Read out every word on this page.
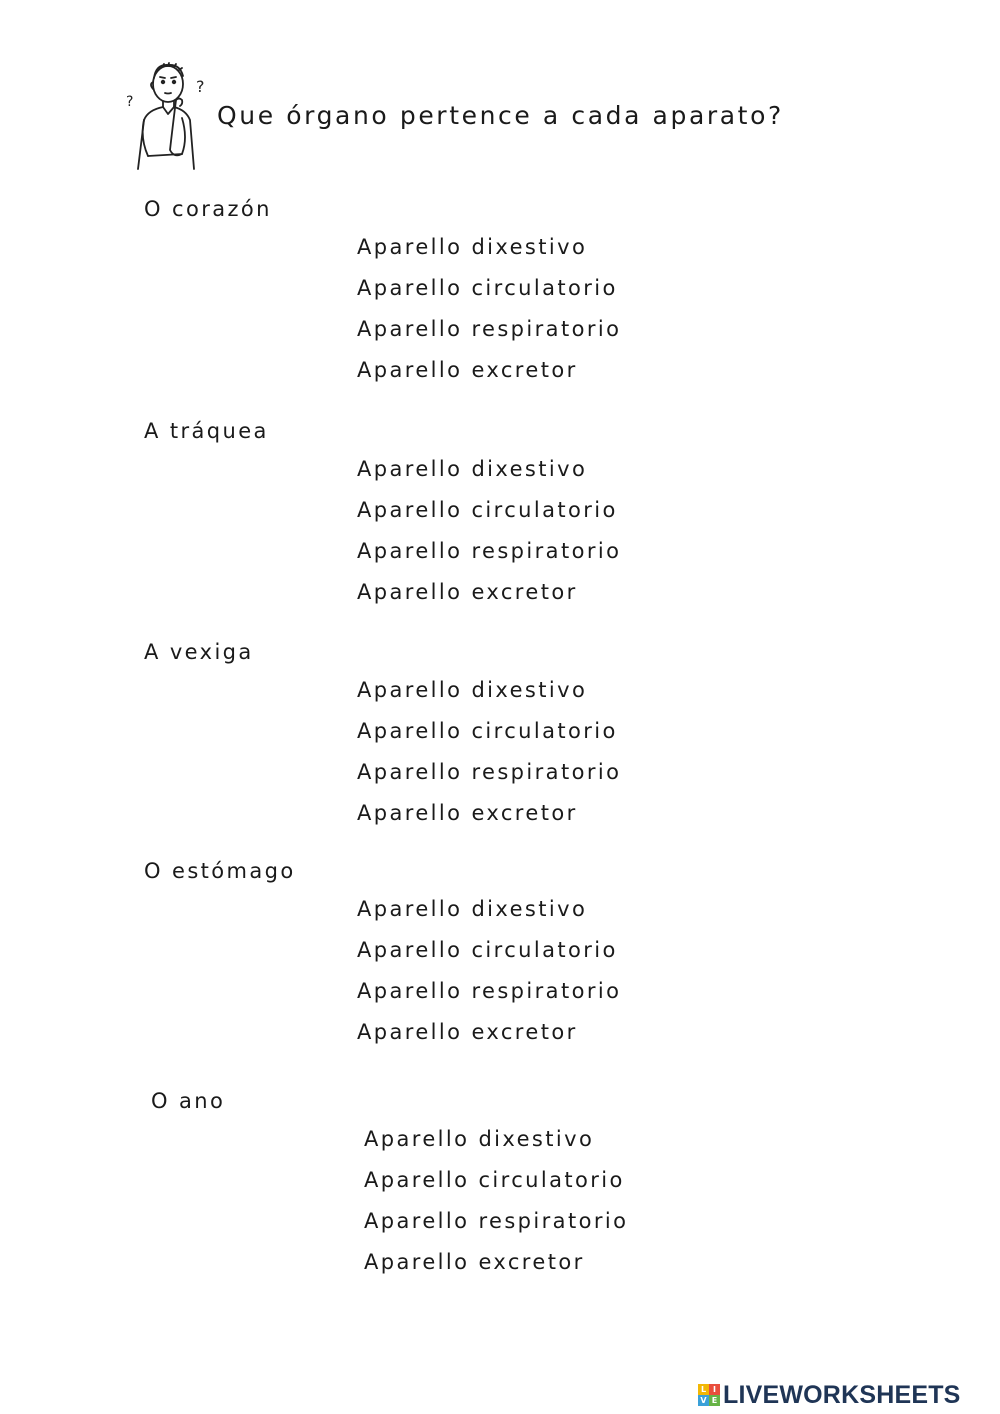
?
?
Que órgano pertence a cada aparato?
O corazón
Aparello dixestivo
Aparello circulatorio
Aparello respiratorio
Aparello excretor
A tráquea
Aparello dixestivo
Aparello circulatorio
Aparello respiratorio
Aparello excretor
A vexiga
Aparello dixestivo
Aparello circulatorio
Aparello respiratorio
Aparello excretor
O estómago
Aparello dixestivo
Aparello circulatorio
Aparello respiratorio
Aparello excretor
O ano
Aparello dixestivo
Aparello circulatorio
Aparello respiratorio
Aparello excretor
L I
V E LIVEWORKSHEETS
